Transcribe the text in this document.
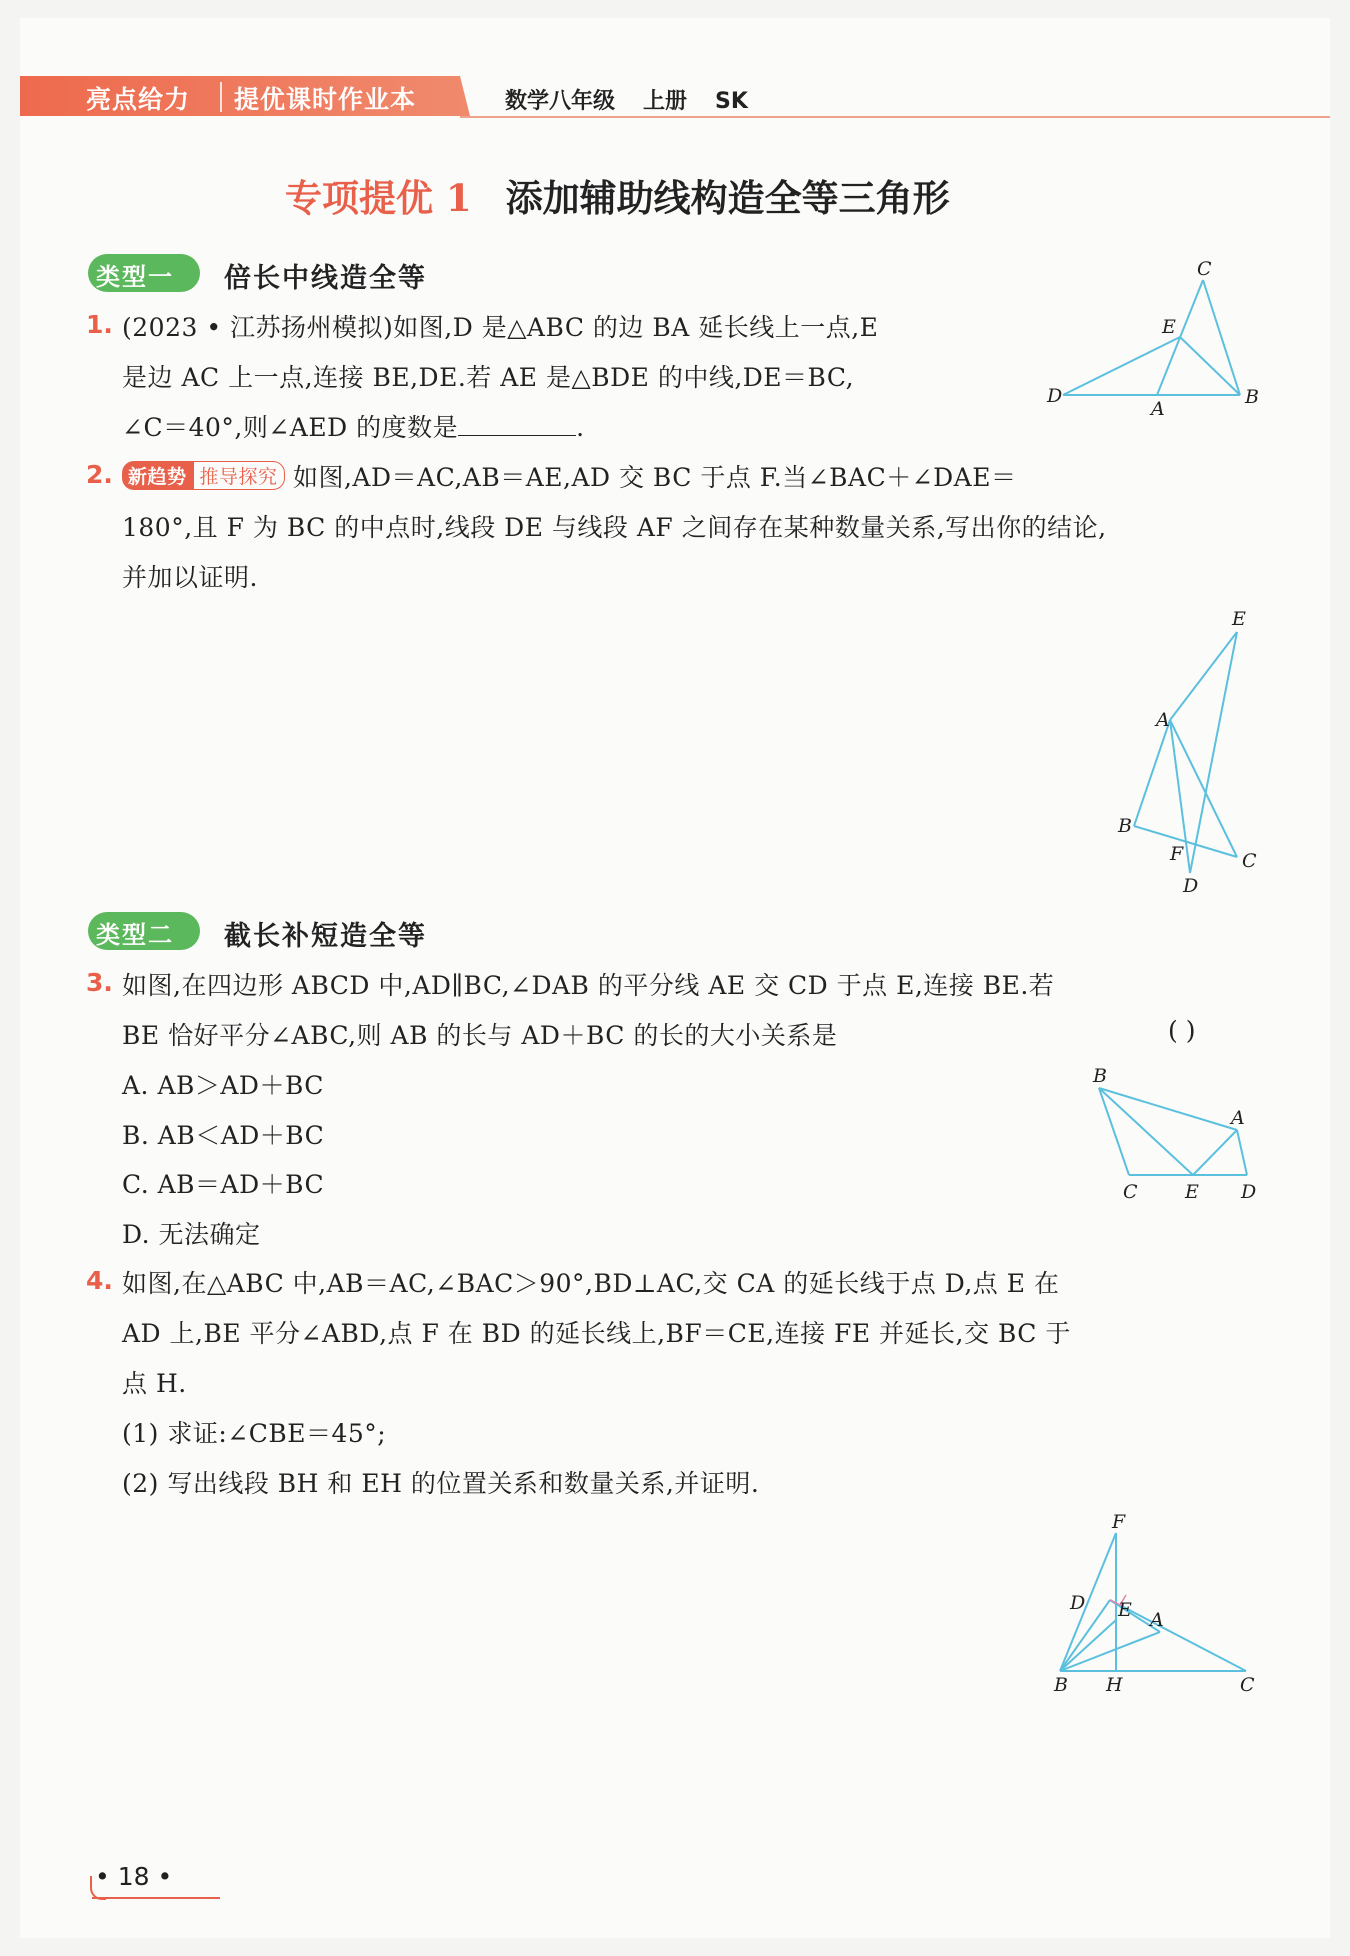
亮点给力 提优课时作业本	数学八年级 上册 SK
专项提优 1 添加辅助线构造全等三角形
类型一 倍长中线造全等
1. (2023 • 江苏扬州模拟)如图,D 是△ABC 的边 BA 延长线上一点,E
是边 AC 上一点,连接 BE,DE.若 AE 是△BDE 的中线,DE＝BC,
∠C＝40°,则∠AED 的度数是	.
C
E
D
A
B
2. 新趋势 推导探究 如图,AD＝AC,AB＝AE,AD 交 BC 于点 F.当∠BAC＋∠DAE＝
180°,且 F 为 BC 的中点时,线段 DE 与线段 AF 之间存在某种数量关系,写出你的结论,
并加以证明.
E
A
B
F	C
D
类型二 截长补短造全等
3. 如图,在四边形 ABCD 中,AD∥BC,∠DAB 的平分线 AE 交 CD 于点 E,连接 BE.若
BE 恰好平分∠ABC,则 AB 的长与 AD＋BC 的长的大小关系是	( )
A. AB＞AD＋BC
B. AB＜AD＋BC
C. AB＝AD＋BC
D. 无法确定
B
A
C E D
4. 如图,在△ABC 中,AB＝AC,∠BAC＞90°,BD⊥AC,交 CA 的延长线于点 D,点 E 在
AD 上,BE 平分∠ABD,点 F 在 BD 的延长线上,BF＝CE,连接 FE 并延长,交 BC 于
点 H.
(1) 求证:∠CBE＝45°;
(2) 写出线段 BH 和 EH 的位置关系和数量关系,并证明.
F
D E A
B H	C
• 18 •
